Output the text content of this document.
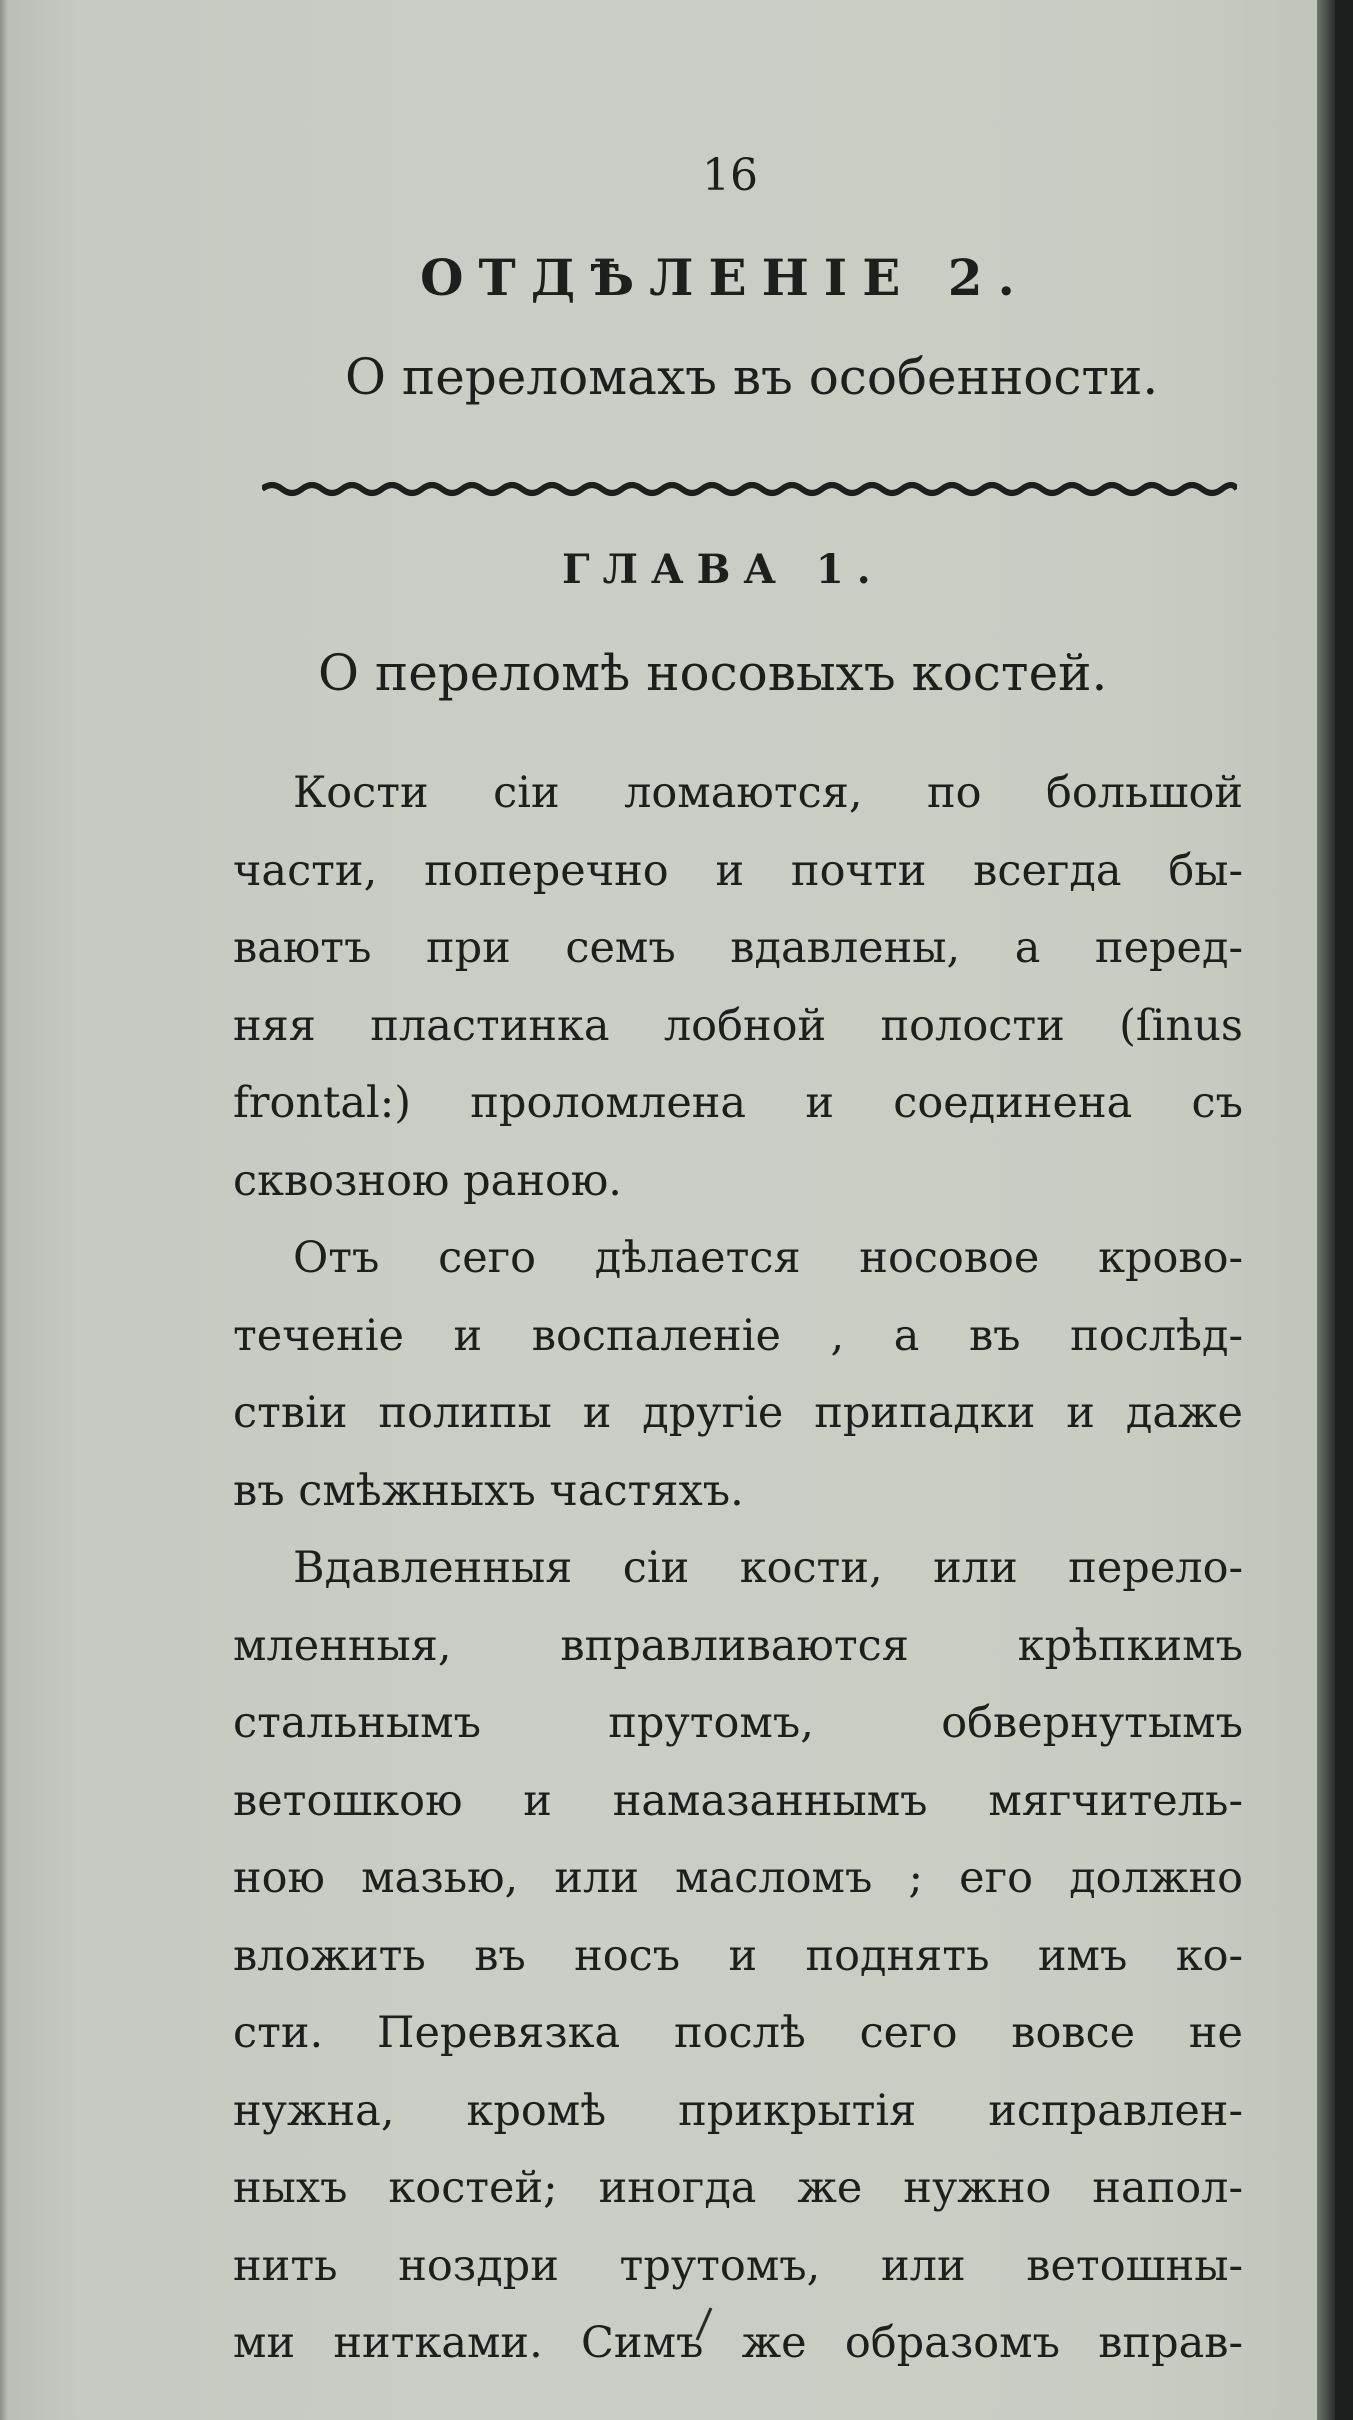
16
ОТДѢЛЕНІЕ 2.
О переломахъ въ особенности.
ГЛАВА 1.
О переломѣ носовыхъ костей.
Кости сіи ломаются, по большой
части, поперечно и почти всегда бы-
ваютъ при семъ вдавлены, а перед-
няя пластинка лобной полости (ſinus
frontal:) проломлена и соединена съ
сквозною раною.
Отъ сего дѣлается носовое крово-
теченіе и воспаленіе , а въ послѣд-
ствіи полипы и другіе припадки и даже
въ смѣжныхъ частяхъ.
Вдавленныя сіи кости, или перело-
мленныя, вправливаются крѣпкимъ
стальнымъ прутомъ, обвернутымъ
ветошкою и намазаннымъ мягчитель-
ною мазью, или масломъ ; его должно
вложить въ носъ и поднять имъ ко-
сти. Перевязка послѣ сего вовсе не
нужна, кромѣ прикрытія исправлен-
ныхъ костей; иногда же нужно напол-
нить ноздри трутомъ, или ветошны-
ми нитками. Симъ же образомъ вправ-
